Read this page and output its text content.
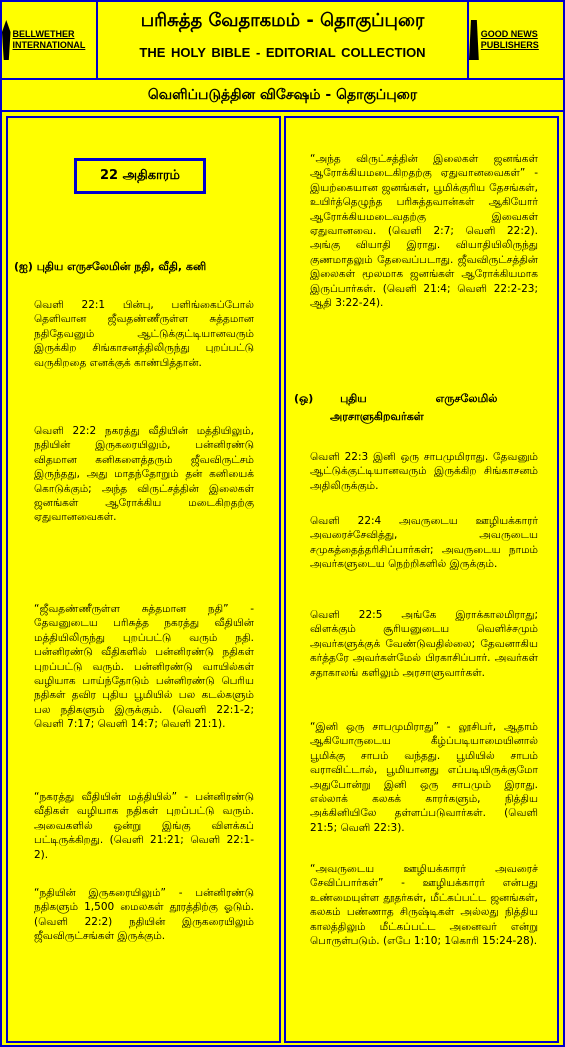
BELLWETHER INTERNATIONAL
பரிசுத்த வேதாகமம் - தொகுப்புரை
THE HOLY BIBLE - EDITORIAL COLLECTION
GOOD NEWS PUBLISHERS
வெளிப்படுத்தின விசேஷம் - தொகுப்புரை
22 அதிகாரம்
(ஐ) புதிய எருசலேமின் நதி, வீதி, கனி
வெளி 22:1 பின்பு, பளிங்கைப்போல் தெளிவான ஜீவதண்ணீருள்ள சுத்தமான நதிதேவனும் ஆட்டுக்குட்டியானவரும் இருக்கிற சிங்காசனத்திலிருந்து புறப்பட்டு வருகிறதை எனக்குக் காண்பித்தான்.
வெளி 22:2 நகரத்து வீதியின் மத்தியிலும், நதியின் இருகரையிலும், பன்னிரண்டு விதமான கனிகளைத்தரும் ஜீவவிருட்சம் இருந்தது, அது மாதந்தோறும் தன் கனியைக் கொடுக்கும்; அந்த விருட்சத்தின் இலைகள் ஜனங்கள் ஆரோக்கிய மடைகிறதற்கு ஏதுவானவைகள்.
“ஜீவதண்ணீருள்ள சுத்தமான நதி” - தேவனுடைய பரிசுத்த நகரத்து வீதியின் மத்தியிலிருந்து புறப்பட்டு வரும் நதி. பன்னிரண்டு வீதிகளில் பன்னிரண்டு நதிகள் புறப்பட்டு வரும். பன்னிரண்டு வாயில்கள் வழியாக பாய்ந்தோடும் பன்னிரண்டு பெரிய நதிகள் தவிர புதிய பூமியில் பல கடல்களும் பல நதிகளும் இருக்கும். (வெளி 22:1-2; வெளி 7:17; வெளி 14:7; வெளி 21:1).
“நகரத்து வீதியின் மத்தியில்” - பன்னிரண்டு வீதிகள் வழியாக நதிகள் புறப்பட்டு வரும். அவைகளில் ஒன்று இங்கு விளக்கப் பட்டிருக்கிறது. (வெளி 21:21; வெளி 22:1-2).
“நதியின் இருகரையிலும்” - பன்னிரண்டு நதிகளும் 1,500 மைலகள் தூரத்திற்கு ஓடும். (வெளி 22:2) நதியின் இருகரையிலும் ஜீவவிருட்சங்கள் இருக்கும்.
“அந்த விருட்சத்தின் இலைகள் ஜனங்கள் ஆரோக்கியமடைகிறதற்கு ஏதுவானவைகள்” - இயற்கையான ஜனங்கள், பூமிக்குரிய தேசங்கள், உயிர்த்தெழுந்த பரிசுத்தவான்கள் ஆகியோர் ஆரோக்கியமடைவதற்கு இவைகள் ஏதுவானவை. (வெளி 2:7; வெளி 22:2). அங்கு வியாதி இராது. வியாதியிலிருந்து குணமாதலும் தேவைப்படாது. ஜீவவிருட்சத்தின் இலைகள் மூலமாக ஜனங்கள் ஆரோக்கியமாக இருப்பார்கள். (வெளி 21:4; வெளி 22:2-23; ஆதி 3:22-24).
(ஒ)       புதிய                  எருசலேமில்
அரசாளுகிறவர்கள்
வெளி 22:3 இனி ஒரு சாபமுமிராது. தேவனும் ஆட்டுக்குட்டியானவரும் இருக்கிற சிங்காசனம் அதிலிருக்கும்.
வெளி 22:4 அவருடைய ஊழியக்காரர் அவரைச்சேவித்து, அவருடைய சமுகத்தைத்தரிசிப்பார்கள்; அவருடைய நாமம் அவர்களுடைய நெற்றிகளில் இருக்கும்.
வெளி 22:5 அங்கே இராக்காலமிராது; விளக்கும் சூரியனுடைய வெளிச்சமும் அவர்களுக்குக் வேண்டுவதில்லை; தேவனாகிய கர்த்தரே அவர்கள்மேல் பிரகாசிப்பார். அவர்கள் சதாகாலங் களிலும் அரசாளுவார்கள்.
“இனி ஒரு சாபமுமிராது” - லூசிபர், ஆதாம் ஆகியோருடைய கீழ்ப்படியாமையினால் பூமிக்கு சாபம் வந்தது. பூமியில் சாபம் வராவிட்டால், பூமியானது எப்படியிருக்குமோ அதுபோன்று இனி ஒரு சாபமும் இராது. எல்லாக் கலகக் காரர்களும், நித்திய அக்கினியிலே தள்ளப்படுவார்கள். (வெளி 21:5; வெளி 22:3).
“அவருடைய ஊழியக்காரர் அவரைச் சேவிப்பார்கள்” - ஊழியக்காரர் என்பது உண்மையுள்ள தூதர்கள், மீட்கப்பட்ட ஜனங்கள், கலகம் பண்ணாத சிருஷ்டிகள் அல்லது நித்திய காலத்திலும் மீட்கப்பட்ட அனைவர் என்று பொருள்படும். (எபே 1:10; 1கொரி 15:24-28).
